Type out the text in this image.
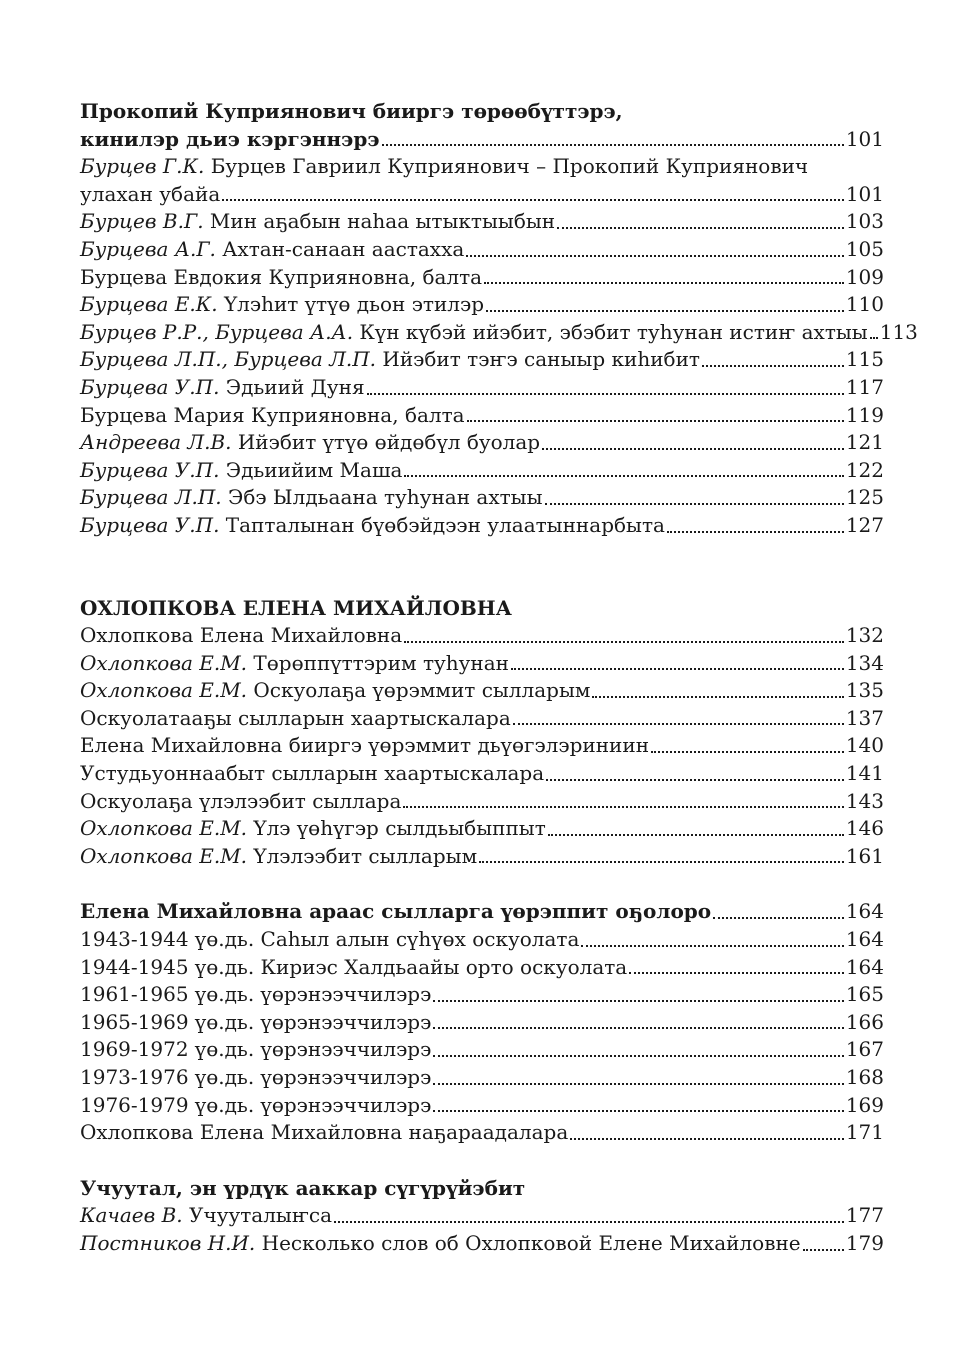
Прокопий Куприянович бииргэ төрөөбүттэрэ,
кинилэр дьиэ кэргэннэрэ	101
Бурцев Г.К. Бурцев Гавриил Куприянович – Прокопий Куприянович
улахан убайа	101
Бурцев В.Г. Мин аҕабын наһаа ытыктыыбын	103
Бурцева А.Г. Ахтан-санаан аастахха	105
Бурцева Евдокия Куприяновна, балта	109
Бурцева Е.К. Үлэһит үтүө дьон этилэр	110
Бурцев Р.Р., Бурцева А.А. Күн күбэй ийэбит, эбэбит туһунан истиҥ ахтыы 113
Бурцева Л.П., Бурцева Л.П. Ийэбит тэҥэ саныыр киһибит	115
Бурцева У.П. Эдьиий Дуня	117
Бурцева Мария Куприяновна, балта	119
Андреева Л.В. Ийэбит үтүө өйдөбүл буолар	121
Бурцева У.П. Эдьиийим Маша	122
Бурцева Л.П. Эбэ Ылдьаана туһунан ахтыы	125
Бурцева У.П. Тапталынан бүөбэйдээн улаатыннарбыта	127
ОХЛОПКОВА ЕЛЕНА МИХАЙЛОВНА
Охлопкова Елена Михайловна	132
Охлопкова Е.М. Төрөппүттэрим туһунан	134
Охлопкова Е.М. Оскуолаҕа үөрэммит сылларым	135
Оскуолатааҕы сылларын хаартыскалара	137
Елена Михайловна бииргэ үөрэммит дьүөгэлэриниин	140
Устудьуоннаабыт сылларын хаартыскалара	141
Оскуолаҕа үлэлээбит сыллара	143
Охлопкова Е.М. Үлэ үөһүгэр сылдьыбыппыт	146
Охлопкова Е.М. Үлэлээбит сылларым	161
Елена Михайловна араас сылларга үөрэппит оҕолоро	164
1943-1944 үө.дь. Саһыл алын сүһүөх оскуолата	164
1944-1945 үө.дь. Кириэс Халдьаайы орто оскуолата	164
1961-1965 үө.дь. үөрэнээччилэрэ	165
1965-1969 үө.дь. үөрэнээччилэрэ	166
1969-1972 үө.дь. үөрэнээччилэрэ	167
1973-1976 үө.дь. үөрэнээччилэрэ	168
1976-1979 үө.дь. үөрэнээччилэрэ	169
Охлопкова Елена Михайловна наҕараадалара	171
Учуутал, эн үрдүк ааккар сүгүрүйэбит
Качаев В. Учууталыҥса	177
Постников Н.И. Несколько слов об Охлопковой Елене Михайловне 179
